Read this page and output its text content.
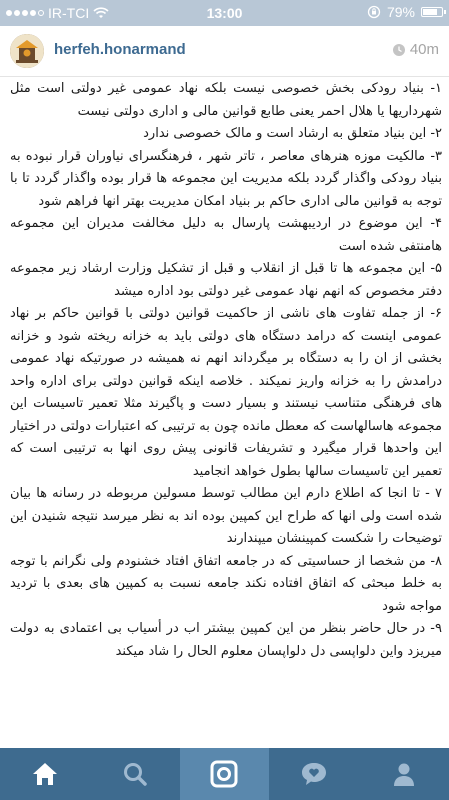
IR-TCI	13:00	79%
herfeh.honarmand	40m

۱- بنیاد رودکی بخش خصوصی نیست بلکه نهاد عمومی غیر دولتی است مثل شهرداریها یا هلال احمر یعنی طابع قوانین مالی و اداری دولتی نیست

۲- این بنیاد متعلق به ارشاد است و مالک خصوصی ندارد

۳- مالکیت موزه هنرهای معاصر ، تاتر شهر ، فرهنگسرای نیاوران قرار نبوده به بنیاد رودکی واگذار گردد بلکه مدیریت این مجموعه ها قرار بوده واگذار گردد تا با توجه به قوانین مالی اداری حاکم بر بنیاد امکان مدیریت بهتر انها فراهم شود

۴- این موضوع در اردیبهشت پارسال به دلیل مخالفت مدیران این مجموعه هامنتفی شده است

۵- این مجموعه ها تا قبل از انقلاب و قبل از تشکیل وزارت ارشاد زیر مجموعه دفتر مخصوص که انهم نهاد عمومی غیر دولتی بود اداره میشد

۶- از جمله تفاوت های ناشی از حاکمیت قوانین دولتی با قوانین حاکم بر نهاد عمومی اینست که درامد دستگاه های دولتی باید به خزانه ریخته شود و خزانه بخشی از ان را به دستگاه بر میگرداند انهم نه همیشه در صورتیکه نهاد عمومی درامدش را به خزانه واریز نمیکند . خلاصه اینکه قوانین دولتی برای اداره واحد های فرهنگی متناسب نیستند و بسیار دست و پاگیرند مثلا تعمیر تاسیسات این مجموعه هاسالهاست که معطل مانده چون به ترتیبی که اعتبارات دولتی در اختیار این واحدها قرار میگیرد و تشریفات قانونی پیش روی انها به ترتیبی است که تعمیر این تاسیسات سالها بطول خواهد انجامید

۷ - تا انجا که اطلاع دارم این مطالب توسط مسولین مربوطه در رسانه ها بیان شده است ولی انها که طراح این کمپین بوده اند به نظر میرسد نتیجه شنیدن این توضیحات را شکست کمپینشان میپندارند

۸- من شخصا از حساسیتی که در جامعه اتفاق افتاد خشنودم ولی نگرانم با توجه به خلط مبحثی که اتفاق افتاده نکند جامعه نسبت به کمپین های بعدی با تردید مواجه شود

۹- در حال حاضر بنظر من این کمپین بیشتر اب در أسیاب بی اعتمادی به دولت میریزد واین دلواپسی دل دلواپسان معلوم الحال را شاد میکند
